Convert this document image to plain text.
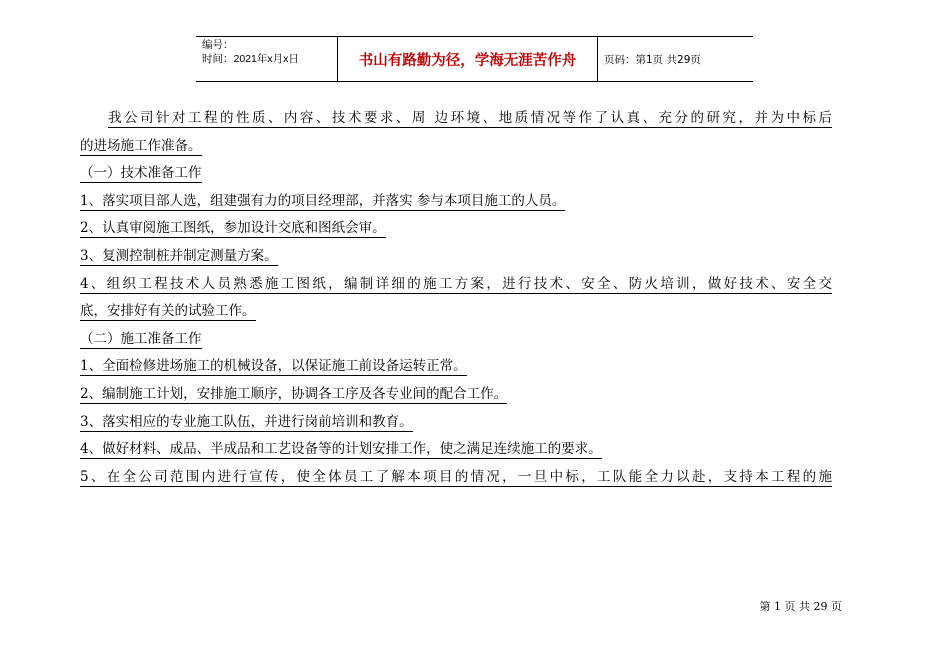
编号：
时间：2021年x月x日	书山有路勤为径，学海无涯苦作舟	页码：第1页 共29页
我公司针对工程的性质、内容、技术要求、周 边环境、地质情况等作了认真、充分的研究，并为中标后
的进场施工作准备。
（一）技术准备工作
1、落实项目部人选，组建强有力的项目经理部，并落实 参与本项目施工的人员。
2、认真审阅施工图纸，参加设计交底和图纸会审。
3、复测控制桩并制定测量方案。
4、组织工程技术人员熟悉施工图纸，编制详细的施工方案，进行技术、安全、防火培训，做好技术、安全交
底，安排好有关的试验工作。
（二）施工准备工作
1、全面检修进场施工的机械设备，以保证施工前设备运转正常。
2、编制施工计划，安排施工顺序，协调各工序及各专业间的配合工作。
3、落实相应的专业施工队伍，并进行岗前培训和教育。
4、做好材料、成品、半成品和工艺设备等的计划安排工作，使之满足连续施工的要求。
5、在全公司范围内进行宣传，使全体员工了解本项目的情况，一旦中标，工队能全力以赴，支持本工程的施
第 1 页 共 29 页
